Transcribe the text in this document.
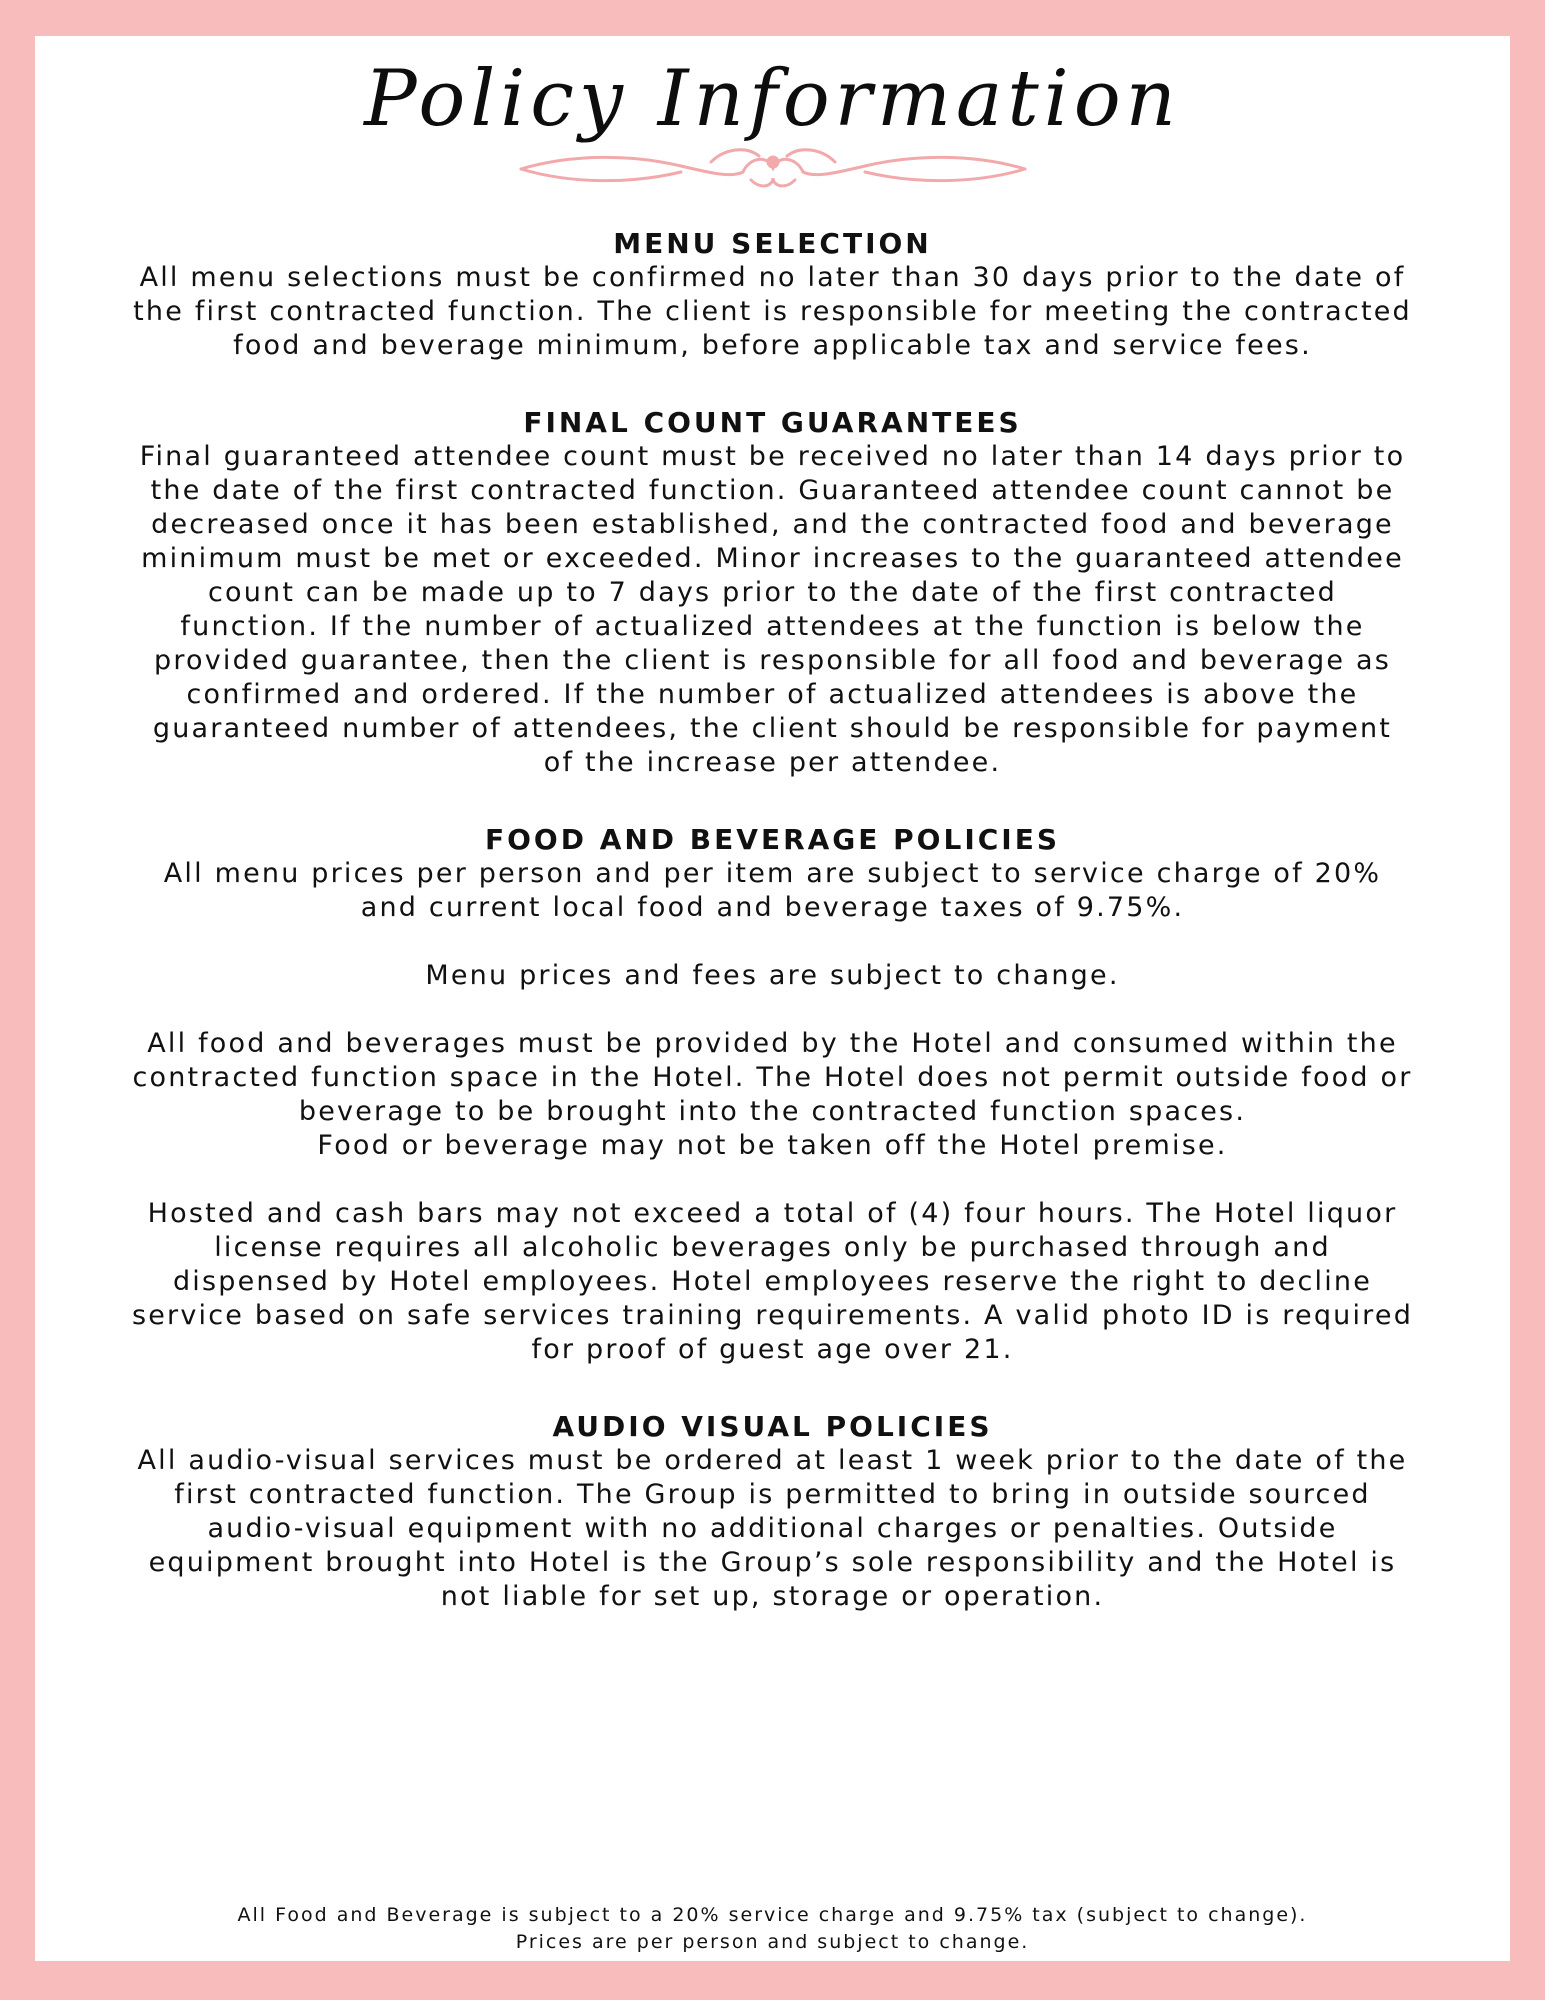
Policy Information

MENU SELECTION

All menu selections must be confirmed no later than 30 days prior to the date of
the first contracted function. The client is responsible for meeting the contracted
food and beverage minimum, before applicable tax and service fees.

FINAL COUNT GUARANTEES

Final guaranteed attendee count must be received no later than 14 days prior to
the date of the first contracted function. Guaranteed attendee count cannot be
decreased once it has been established, and the contracted food and beverage
minimum must be met or exceeded. Minor increases to the guaranteed attendee
count can be made up to 7 days prior to the date of the first contracted
function. If the number of actualized attendees at the function is below the
provided guarantee, then the client is responsible for all food and beverage as
confirmed and ordered. If the number of actualized attendees is above the
guaranteed number of attendees, the client should be responsible for payment
of the increase per attendee.

FOOD AND BEVERAGE POLICIES

All menu prices per person and per item are subject to service charge of 20%
and current local food and beverage taxes of 9.75%.

Menu prices and fees are subject to change.

All food and beverages must be provided by the Hotel and consumed within the
contracted function space in the Hotel. The Hotel does not permit outside food or
beverage to be brought into the contracted function spaces.
Food or beverage may not be taken off the Hotel premise.

Hosted and cash bars may not exceed a total of (4) four hours. The Hotel liquor
license requires all alcoholic beverages only be purchased through and
dispensed by Hotel employees. Hotel employees reserve the right to decline
service based on safe services training requirements. A valid photo ID is required
for proof of guest age over 21.

AUDIO VISUAL POLICIES

All audio-visual services must be ordered at least 1 week prior to the date of the
first contracted function. The Group is permitted to bring in outside sourced
audio-visual equipment with no additional charges or penalties. Outside
equipment brought into Hotel is the Group’s sole responsibility and the Hotel is
not liable for set up, storage or operation.

All Food and Beverage is subject to a 20% service charge and 9.75% tax (subject to change).
Prices are per person and subject to change.
